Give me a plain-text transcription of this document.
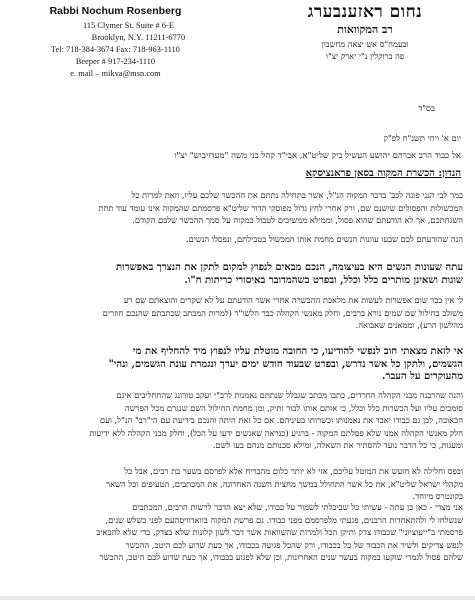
Rabbi Nochum Rosenberg
115 Clymer St. Suite # 6-E
Brooklyn, N.Y. 11211-6770
Tel: 718-384-3674 Fax: 718-963-1110
Beeper # 917-234-1110
e. mail – mikva@msn.com
נחום ראזענבערג
רב המקוואות
ובעמח"ס אש יצאה מחשבון
פה ברוקלין נ"י יארק יצ"ו
בס"ד
יום א' ויחי תשנ"ח לפ"ק
אל כבוד הרב אברהם יהושע העשיל ביק שליט"א, אבי"ד קהל בני משה "מעדזיבוש" יצ"ו
הנדון: הכשרת המקוה בסאן פראנציסקא
במר לבי הנני פונה לכב' בדבר המקוה הנ"ל, אשר בתחילה נתתם את ההכשר שלכם עליו, וזאת למרות כל
המכשולות והפסולים שישנם שם, ורק אחרי לחץ גדול מפוסקי הדור שליט"א פרסמתם שהמקוה אינו עומד עוד תחת
השגחתכם, אך לא הודעתם שהוא פסול, וממילא ממשיכים לטבול במקוה על סמך ההכשר שלכם הקודם.
הנה שהודעתם לכם שבעו עוונות הנשים מחמת אותו המכשול בטבילתם, ונפסלו הנשים.
עתה שעונות הנשים היא בעיצומה, הנכם מבאים לנפוץ למקום לתקן את הנצרך באפשרות
שונות ושאינן מותרים כלל וכלל, ובפרט בשהמדובר באיסורי כריתות ח"ו.
לי אין כבר שום אפשרות לעשות את מלאכת ההכשרה אחרי אשר הודעתם על לא שקרים והוצאתם שם רע
משולב בחילול שם שמים נורא ברבים, וחלק מאנשי הקהלה כבר הלשו"ד (למרות המכתב שכתבתם שהנכם חוזרים
מהלשון הרע), וממאנים שאבואה.
אי לזאת מצאתי חוב לנפשי להודיעו, כי החובה מוטלת עליו לנפוץ מיד להחליף את מי
הגשמים, ולתקן כל אשר נדרש, ובפרט שבעוד חודש ימים יערך ונגמרת עונת הגשמים, ונהי"
מהעוקרים על העבר.
והנה שהרבנה מבני הקהלה החרדים, כתבו מכתב שגבלל שנתתם נאמנות לרב"י יעקב טורונג שהחחליבים אינם
סומכים עליו ועל הכשרות כלל וכלל, כי אותם אותו לבור ותיק, ומן מחמת החילול השם שנגרם מכל הפרשה
הכאובה, לכן גם כבודו יאבד את נאמנותו וכשרותו בעיניהם. אם כל זאת היתה והנכם בידיעת עם הי"רב" הנ"ל, ועם
חלק מאנשי הקהלה אמנו שלא פסלתם המקוה - ברגיע (כנראה שאנשים ידעו על הכל), וחלק מבני הקהלה ללא ידיעות
ומעגות, כי כל הדבר נועד להסתיר את השאלה, ומילא סכנותם מנחם בעו לשם.
ובפס וחלילה לא חועש את המוטל עליכם, אזי לא יותר כלום מהבריח אלא לפרסם בשער בת רבים, אבל כל
מקהלי ישראל שליט"א, את כל אשר התחולל במשך מחצית השנה האחרונה, את המכתבים, הטעיפים וכל השאר
בקונטרס מיוחד.
אני מצדי - כאן כן עתה - עשיתי כל שביכלתי לשמור על כבודו, שלא יצא הדבר לרשות הרבים, המכתבים
שנשלחו לי ולהתאחדות הרבנים, פגעתי מלפרסמם מפני כבודו. גם פרשת המקוה בוואדוויסהעם לפני כשלש שנים,
פרסמתי ב"ייעוציוני" שכבודו צדק ותיקן הכל ולמרות שהשוואות אשר דבר לשון קלונות שלא בצדק, כדי שלא להכאיב
לנפש צדיקים ולשיר את הכבוד של כל בכבודו, ורק שהכל פגיעה בכבודו, אך כעת שדוע לכם היטב, ההכשר
שלהם פסול לגמרי שוקעו במקוה בעשר שנים האחרונות, וכן שלא לפגוע בכבודו, אך כעת שדוע לכם היטב, ההכשר
